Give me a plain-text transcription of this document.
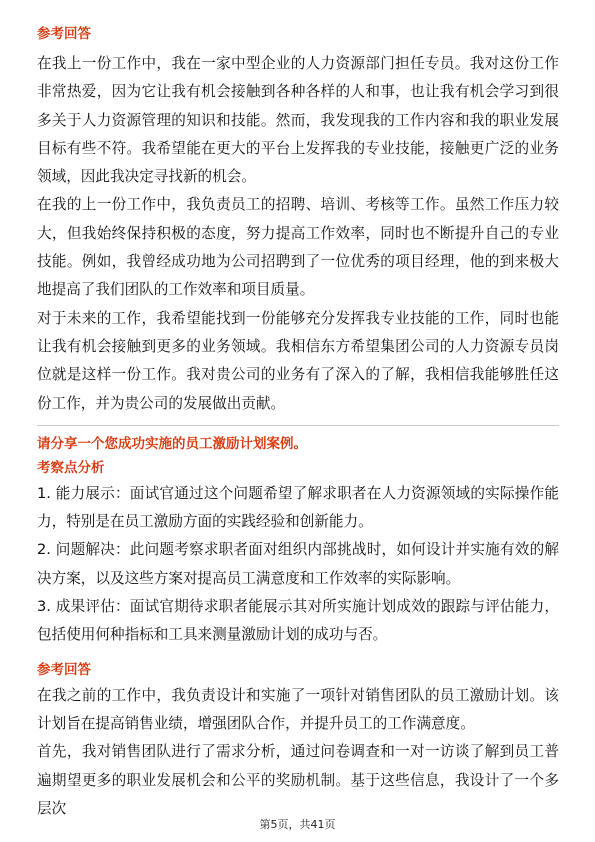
参考回答

在我上一份工作中，我在一家中型企业的人力资源部门担任专员。我对这份工作非常热爱，因为它让我有机会接触到各种各样的人和事，也让我有机会学习到很多关于人力资源管理的知识和技能。然而，我发现我的工作内容和我的职业发展目标有些不符。我希望能在更大的平台上发挥我的专业技能，接触更广泛的业务领域，因此我决定寻找新的机会。

在我的上一份工作中，我负责员工的招聘、培训、考核等工作。虽然工作压力较大，但我始终保持积极的态度，努力提高工作效率，同时也不断提升自己的专业技能。例如，我曾经成功地为公司招聘到了一位优秀的项目经理，他的到来极大地提高了我们团队的工作效率和项目质量。

对于未来的工作，我希望能找到一份能够充分发挥我专业技能的工作，同时也能让我有机会接触到更多的业务领域。我相信东方希望集团公司的人力资源专员岗位就是这样一份工作。我对贵公司的业务有了深入的了解，我相信我能够胜任这份工作，并为贵公司的发展做出贡献。

请分享一个您成功实施的员工激励计划案例。
考察点分析

1. 能力展示：面试官通过这个问题希望了解求职者在人力资源领域的实际操作能力，特别是在员工激励方面的实践经验和创新能力。

2. 问题解决：此问题考察求职者面对组织内部挑战时，如何设计并实施有效的解决方案，以及这些方案对提高员工满意度和工作效率的实际影响。

3. 成果评估：面试官期待求职者能展示其对所实施计划成效的跟踪与评估能力，包括使用何种指标和工具来测量激励计划的成功与否。

参考回答

在我之前的工作中，我负责设计和实施了一项针对销售团队的员工激励计划。该计划旨在提高销售业绩，增强团队合作，并提升员工的工作满意度。

首先，我对销售团队进行了需求分析，通过问卷调查和一对一访谈了解到员工普遍期望更多的职业发展机会和公平的奖励机制。基于这些信息，我设计了一个多层次

第5页，共41页
